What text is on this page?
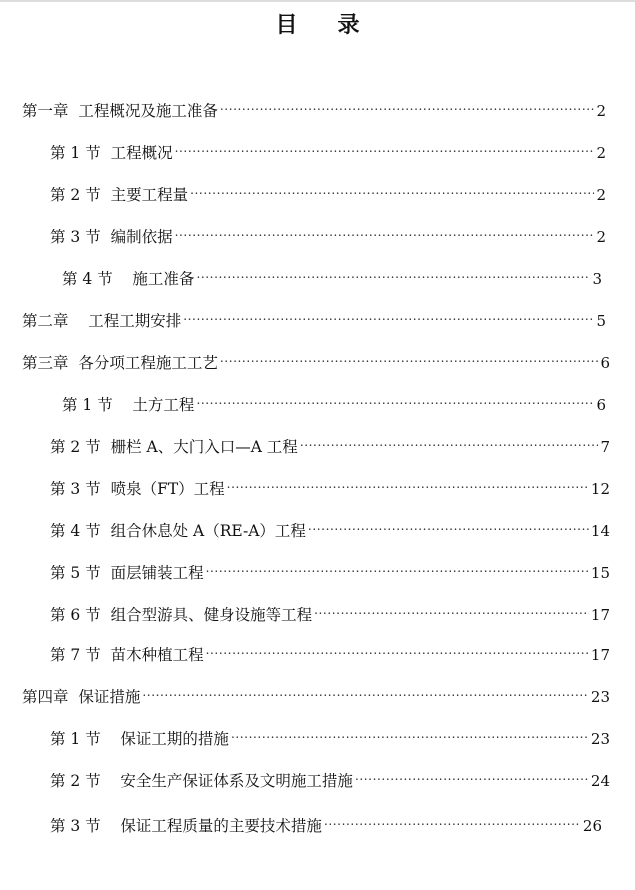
目 录
第一章  工程概况及施工准备 .....	2
第 1 节  工程概况 .....	2
第 2 节  主要工程量 .....	2
第 3 节  编制依据 .....	2
第 4 节    施工准备 .....	3
第二章    工程工期安排 .....	5
第三章  各分项工程施工工艺 .....	6
第 1 节    土方工程 .....	6
第 2 节  栅栏 A、大门入口—A 工程 .....	7
第 3 节  喷泉（FT）工程 .....	12
第 4 节  组合休息处 A（RE-A）工程 .....	14
第 5 节  面层铺装工程 .....	15
第 6 节  组合型游具、健身设施等工程 .....	17
第 7 节  苗木种植工程 .....	17
第四章  保证措施 .....	23
第 1 节    保证工期的措施 .....	23
第 2 节    安全生产保证体系及文明施工措施 .....	24
第 3 节    保证工程质量的主要技术措施 .....	26
